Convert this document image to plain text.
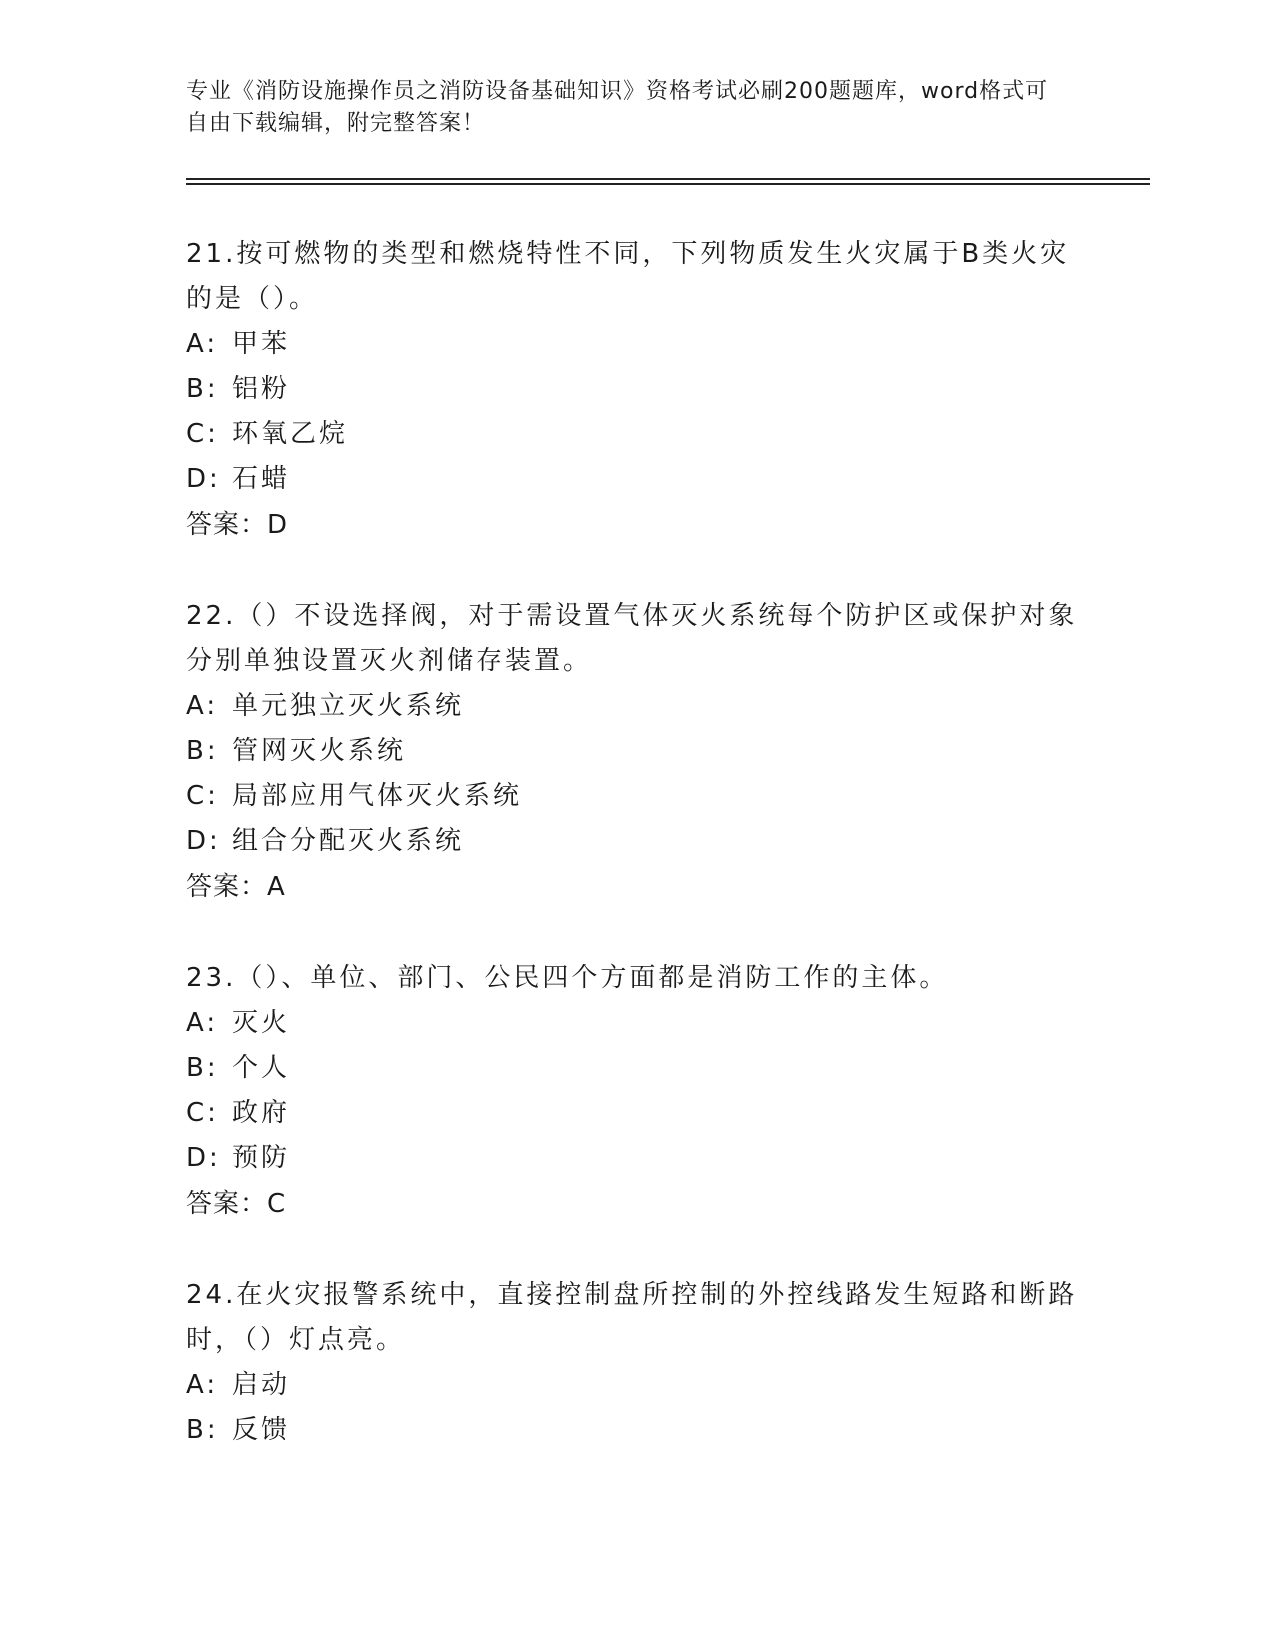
专业《消防设施操作员之消防设备基础知识》资格考试必刷200题题库，word格式可自由下载编辑，附完整答案！
21.按可燃物的类型和燃烧特性不同，下列物质发生火灾属于B类火灾的是（）。
A: 甲苯
B: 铝粉
C: 环氧乙烷
D: 石蜡
答案：D
22.（）不设选择阀，对于需设置气体灭火系统每个防护区或保护对象分别单独设置灭火剂储存装置。
A: 单元独立灭火系统
B: 管网灭火系统
C: 局部应用气体灭火系统
D: 组合分配灭火系统
答案：A
23.（）、单位、部门、公民四个方面都是消防工作的主体。
A: 灭火
B: 个人
C: 政府
D: 预防
答案：C
24.在火灾报警系统中，直接控制盘所控制的外控线路发生短路和断路时，（）灯点亮。
A: 启动
B: 反馈
